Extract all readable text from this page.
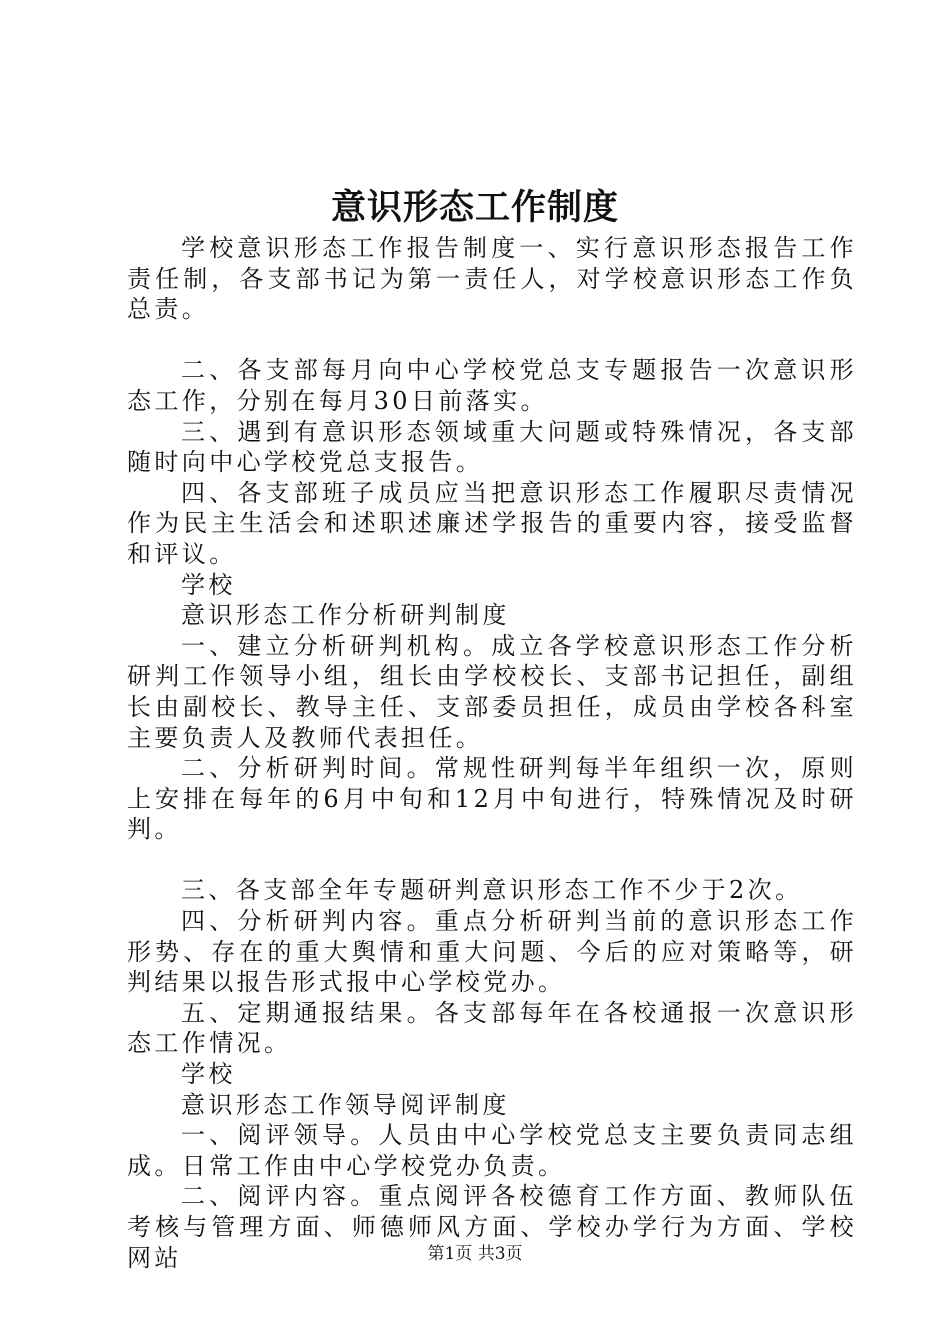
意识形态工作制度

学校意识形态工作报告制度一、实行意识形态报告工作责任制，各支部书记为第一责任人，对学校意识形态工作负总责。

二、各支部每月向中心学校党总支专题报告一次意识形态工作，分别在每月30日前落实。

三、遇到有意识形态领域重大问题或特殊情况，各支部随时向中心学校党总支报告。

四、各支部班子成员应当把意识形态工作履职尽责情况作为民主生活会和述职述廉述学报告的重要内容，接受监督和评议。

学校

意识形态工作分析研判制度

一、建立分析研判机构。成立各学校意识形态工作分析研判工作领导小组，组长由学校校长、支部书记担任，副组长由副校长、教导主任、支部委员担任，成员由学校各科室主要负责人及教师代表担任。

二、分析研判时间。常规性研判每半年组织一次，原则上安排在每年的6月中旬和12月中旬进行，特殊情况及时研判。

三、各支部全年专题研判意识形态工作不少于2次。

四、分析研判内容。重点分析研判当前的意识形态工作形势、存在的重大舆情和重大问题、今后的应对策略等，研判结果以报告形式报中心学校党办。

五、定期通报结果。各支部每年在各校通报一次意识形态工作情况。

学校

意识形态工作领导阅评制度

一、阅评领导。人员由中心学校党总支主要负责同志组成。日常工作由中心学校党办负责。

二、阅评内容。重点阅评各校德育工作方面、教师队伍考核与管理方面、师德师风方面、学校办学行为方面、学校网站	第1页 共3页
